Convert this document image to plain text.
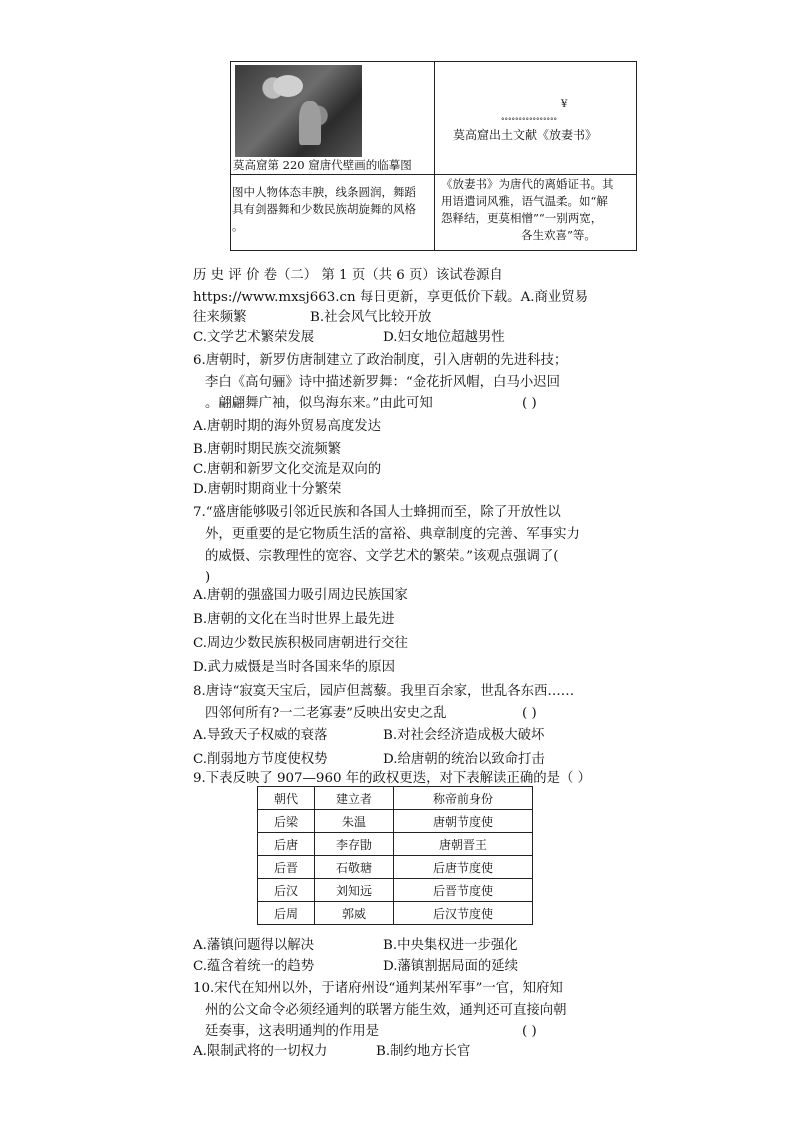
莫高窟第 220 窟唐代壁画的临摹图
¥
°°°°°°°°°°°°°°°°
莫高窟出土文献《放妻书》
图中人物体态丰腴，线条圆润，舞蹈
具有剑器舞和少数民族胡旋舞的风格
。
《放妻书》为唐代的离婚证书。其
用语遣词风雅，语气温柔。如“解
怨释结，更莫相憎”“一别两宽，
各生欢喜”等。
历 史 评 价 卷（二） 第 1 页（共 6 页）该试卷源自
https://www.mxsj663.cn 每日更新，享更低价下载。A.商业贸易
往来频繁	B.社会风气比较开放
C.文学艺术繁荣发展	D.妇女地位超越男性
6.唐朝时，新罗仿唐制建立了政治制度，引入唐朝的先进科技；
李白《高句骊》诗中描述新罗舞：“金花折风帽，白马小迟回
。翩翩舞广袖，似鸟海东来。”由此可知	( )
A.唐朝时期的海外贸易高度发达
B.唐朝时期民族交流频繁
C.唐朝和新罗文化交流是双向的
D.唐朝时期商业十分繁荣
7.“盛唐能够吸引邻近民族和各国人士蜂拥而至，除了开放性以
外，更重要的是它物质生活的富裕、典章制度的完善、军事实力
的威慑、宗教理性的宽容、文学艺术的繁荣。”该观点强调了(
)
A.唐朝的强盛国力吸引周边民族国家
B.唐朝的文化在当时世界上最先进
C.周边少数民族积极同唐朝进行交往
D.武力威慑是当时各国来华的原因
8.唐诗“寂寞天宝后，园庐但蒿藜。我里百余家，世乱各东西……
四邻何所有?一二老寡妻”反映出安史之乱	( )
A.导致天子权威的衰落	B.对社会经济造成极大破坏
C.削弱地方节度使权势	D.给唐朝的统治以致命打击
9.下表反映了 907—960 年的政权更迭，对下表解读正确的是（ ）
朝代	建立者	称帝前身份
后梁	朱温	唐朝节度使
后唐	李存勖	唐朝晋王
后晋	石敬瑭	后唐节度使
后汉	刘知远	后晋节度使
后周	郭威	后汉节度使
A.藩镇问题得以解决	B.中央集权进一步强化
C.蕴含着统一的趋势	D.藩镇割据局面的延续
10.宋代在知州以外，于诸府州设“通判某州军事”一官，知府知
州的公文命令必须经通判的联署方能生效，通判还可直接向朝
廷奏事，这表明通判的作用是	( )
A.限制武将的一切权力	B.制约地方长官
